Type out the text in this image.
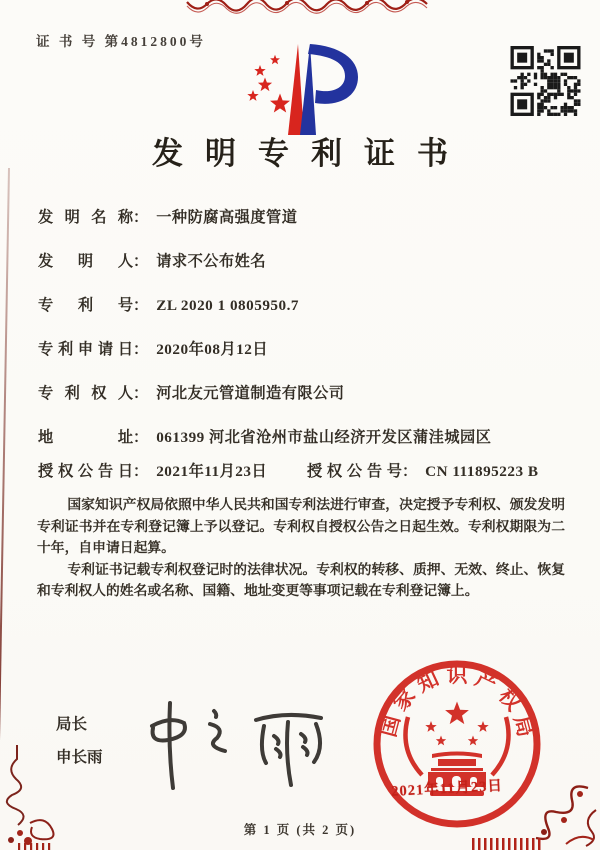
证 书 号 第4812800号
发明专利证书
发明名称： 一种防腐高强度管道
发明人： 请求不公布姓名
专利号： ZL 2020 1 0805950.7
专利申请日： 2020年08月12日
专利权人： 河北友元管道制造有限公司
地址： 061399 河北省沧州市盐山经济开发区蒲洼城园区
授权公告日： 2021年11月23日	授权公告号： CN 111895223 B

国家知识产权局依照中华人民共和国专利法进行审查，决定授予专利权、颁发发明专利证书并在专利登记簿上予以登记。专利权自授权公告之日起生效。专利权期限为二十年，自申请日起算。

专利证书记载专利权登记时的法律状况。专利权的转移、质押、无效、终止、恢复和专利权人的姓名或名称、国籍、地址变更等事项记载在专利登记簿上。

局长
申长雨
国
家
知 识 产
权
局
2021年11月23日
第 1 页 (共 2 页)
